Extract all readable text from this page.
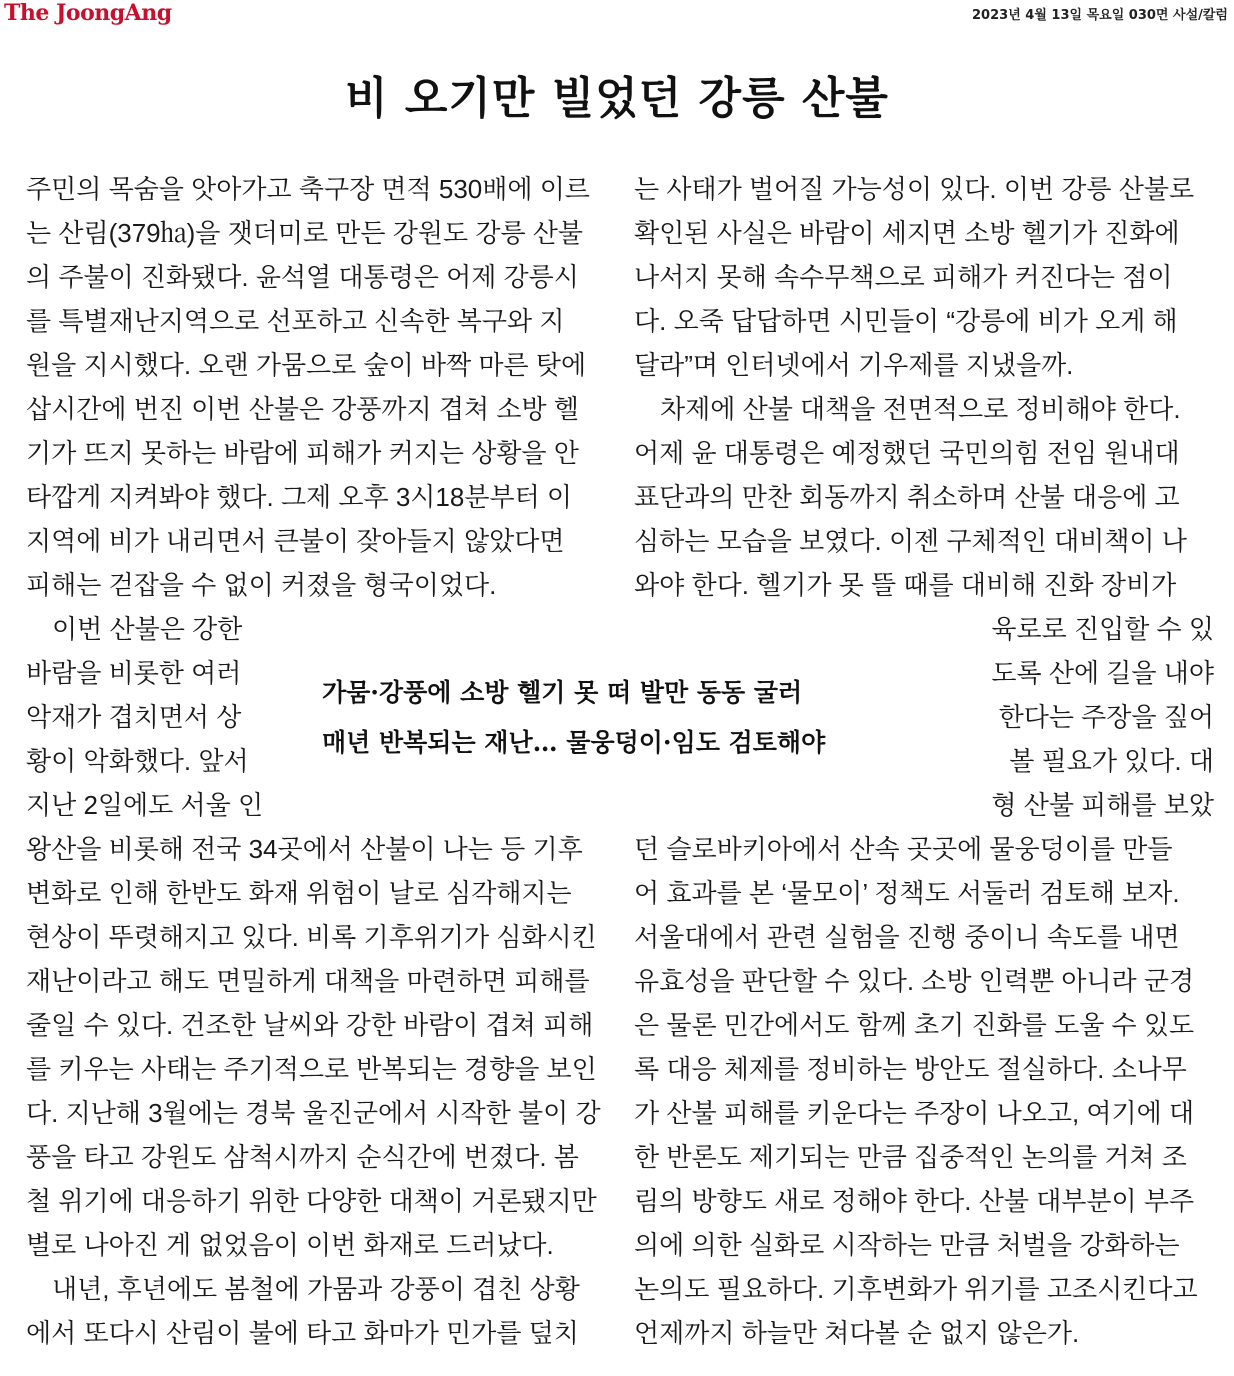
The JoongAng	2023년 4월 13일 목요일 030면 사설/칼럼
비 오기만 빌었던 강릉 산불

주민의 목숨을 앗아가고 축구장 면적 530배에 이르

는 산림(379㏊)을 잿더미로 만든 강원도 강릉 산불

의 주불이 진화됐다. 윤석열 대통령은 어제 강릉시

를 특별재난지역으로 선포하고 신속한 복구와 지

원을 지시했다. 오랜 가뭄으로 숲이 바짝 마른 탓에

삽시간에 번진 이번 산불은 강풍까지 겹쳐 소방 헬

기가 뜨지 못하는 바람에 피해가 커지는 상황을 안

타깝게 지켜봐야 했다. 그제 오후 3시18분부터 이

지역에 비가 내리면서 큰불이 잦아들지 않았다면

피해는 걷잡을 수 없이 커졌을 형국이었다.

　이번 산불은 강한

바람을 비롯한 여러

악재가 겹치면서 상

황이 악화했다. 앞서

지난 2일에도 서울 인

왕산을 비롯해 전국 34곳에서 산불이 나는 등 기후

변화로 인해 한반도 화재 위험이 날로 심각해지는

현상이 뚜렷해지고 있다. 비록 기후위기가 심화시킨

재난이라고 해도 면밀하게 대책을 마련하면 피해를

줄일 수 있다. 건조한 날씨와 강한 바람이 겹쳐 피해

를 키우는 사태는 주기적으로 반복되는 경향을 보인

다. 지난해 3월에는 경북 울진군에서 시작한 불이 강

풍을 타고 강원도 삼척시까지 순식간에 번졌다. 봄

철 위기에 대응하기 위한 다양한 대책이 거론됐지만

별로 나아진 게 없었음이 이번 화재로 드러났다.

　내년, 후년에도 봄철에 가뭄과 강풍이 겹친 상황

에서 또다시 산림이 불에 타고 화마가 민가를 덮치

가뭄·강풍에 소방 헬기 못 떠 발만 동동 굴러

매년 반복되는 재난… 물웅덩이·임도 검토해야

는 사태가 벌어질 가능성이 있다. 이번 강릉 산불로

확인된 사실은 바람이 세지면 소방 헬기가 진화에

나서지 못해 속수무책으로 피해가 커진다는 점이

다. 오죽 답답하면 시민들이 “강릉에 비가 오게 해

달라”며 인터넷에서 기우제를 지냈을까.

　차제에 산불 대책을 전면적으로 정비해야 한다.

어제 윤 대통령은 예정했던 국민의힘 전임 원내대

표단과의 만찬 회동까지 취소하며 산불 대응에 고

심하는 모습을 보였다. 이젠 구체적인 대비책이 나

와야 한다. 헬기가 못 뜰 때를 대비해 진화 장비가

육로로 진입할 수 있

도록 산에 길을 내야

한다는 주장을 짚어

볼 필요가 있다. 대

형 산불 피해를 보았

던 슬로바키아에서 산속 곳곳에 물웅덩이를 만들

어 효과를 본 ‘물모이’ 정책도 서둘러 검토해 보자.

서울대에서 관련 실험을 진행 중이니 속도를 내면

유효성을 판단할 수 있다. 소방 인력뿐 아니라 군경

은 물론 민간에서도 함께 초기 진화를 도울 수 있도

록 대응 체제를 정비하는 방안도 절실하다. 소나무

가 산불 피해를 키운다는 주장이 나오고, 여기에 대

한 반론도 제기되는 만큼 집중적인 논의를 거쳐 조

림의 방향도 새로 정해야 한다. 산불 대부분이 부주

의에 의한 실화로 시작하는 만큼 처벌을 강화하는

논의도 필요하다. 기후변화가 위기를 고조시킨다고

언제까지 하늘만 쳐다볼 순 없지 않은가.
